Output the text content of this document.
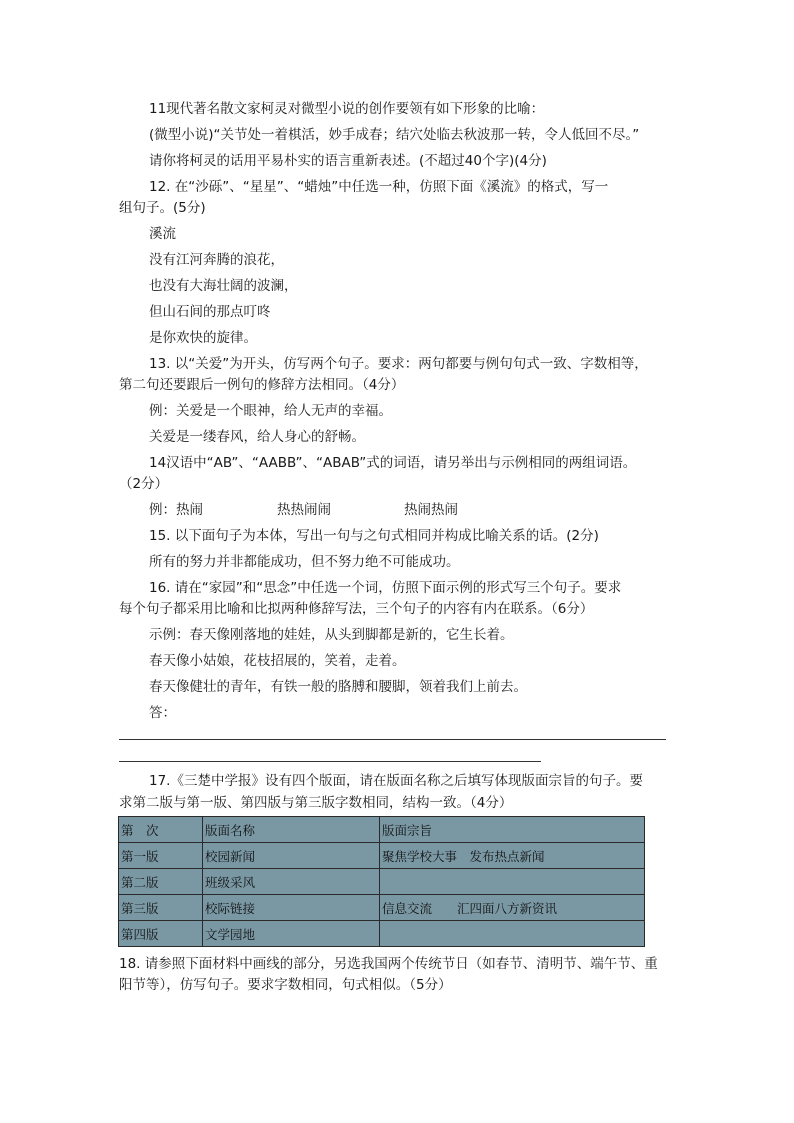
11现代著名散文家柯灵对微型小说的创作要领有如下形象的比喻：
(微型小说)“关节处一着棋活，妙手成春；结穴处临去秋波那一转，令人低回不尽。”
请你将柯灵的话用平易朴实的语言重新表述。(不超过40个字)(4分)
12. 在“沙砾”、“星星”、“蜡烛”中任选一种，仿照下面《溪流》的格式，写一
组句子。(5分)
溪流
没有江河奔腾的浪花，
也没有大海壮阔的波澜，
但山石间的那点叮咚
是你欢快的旋律。
13. 以“关爱”为开头，仿写两个句子。要求：两句都要与例句句式一致、字数相等，
第二句还要跟后一例句的修辞方法相同。（4分）
例：关爱是一个眼神，给人无声的幸福。
关爱是一缕春风，给人身心的舒畅。
14汉语中“AB”、“AABB”、“ABAB”式的词语，请另举出与示例相同的两组词语。
（2分）
例：热闹	热热闹闹	热闹热闹
15. 以下面句子为本体，写出一句与之句式相同并构成比喻关系的话。(2分)
所有的努力并非都能成功，但不努力绝不可能成功。
16. 请在“家园”和“思念”中任选一个词，仿照下面示例的形式写三个句子。要求
每个句子都采用比喻和比拟两种修辞写法，三个句子的内容有内在联系。（6分）
示例：春天像刚落地的娃娃，从头到脚都是新的，它生长着。
春天像小姑娘，花枝招展的，笑着，走着。
春天像健壮的青年，有铁一般的胳膊和腰脚，领着我们上前去。
答：
17.《三楚中学报》设有四个版面，请在版面名称之后填写体现版面宗旨的句子。要
求第二版与第一版、第四版与第三版字数相同，结构一致。（4分）
第　次	版面名称	版面宗旨
第一版	校园新闻	聚焦学校大事　发布热点新闻
第二版	班级采风	
第三版	校际链接	信息交流　　汇四面八方新资讯
第四版	文学园地	
18. 请参照下面材料中画线的部分，另选我国两个传统节日（如春节、清明节、端午节、重
阳节等），仿写句子。要求字数相同，句式相似。（5分）
